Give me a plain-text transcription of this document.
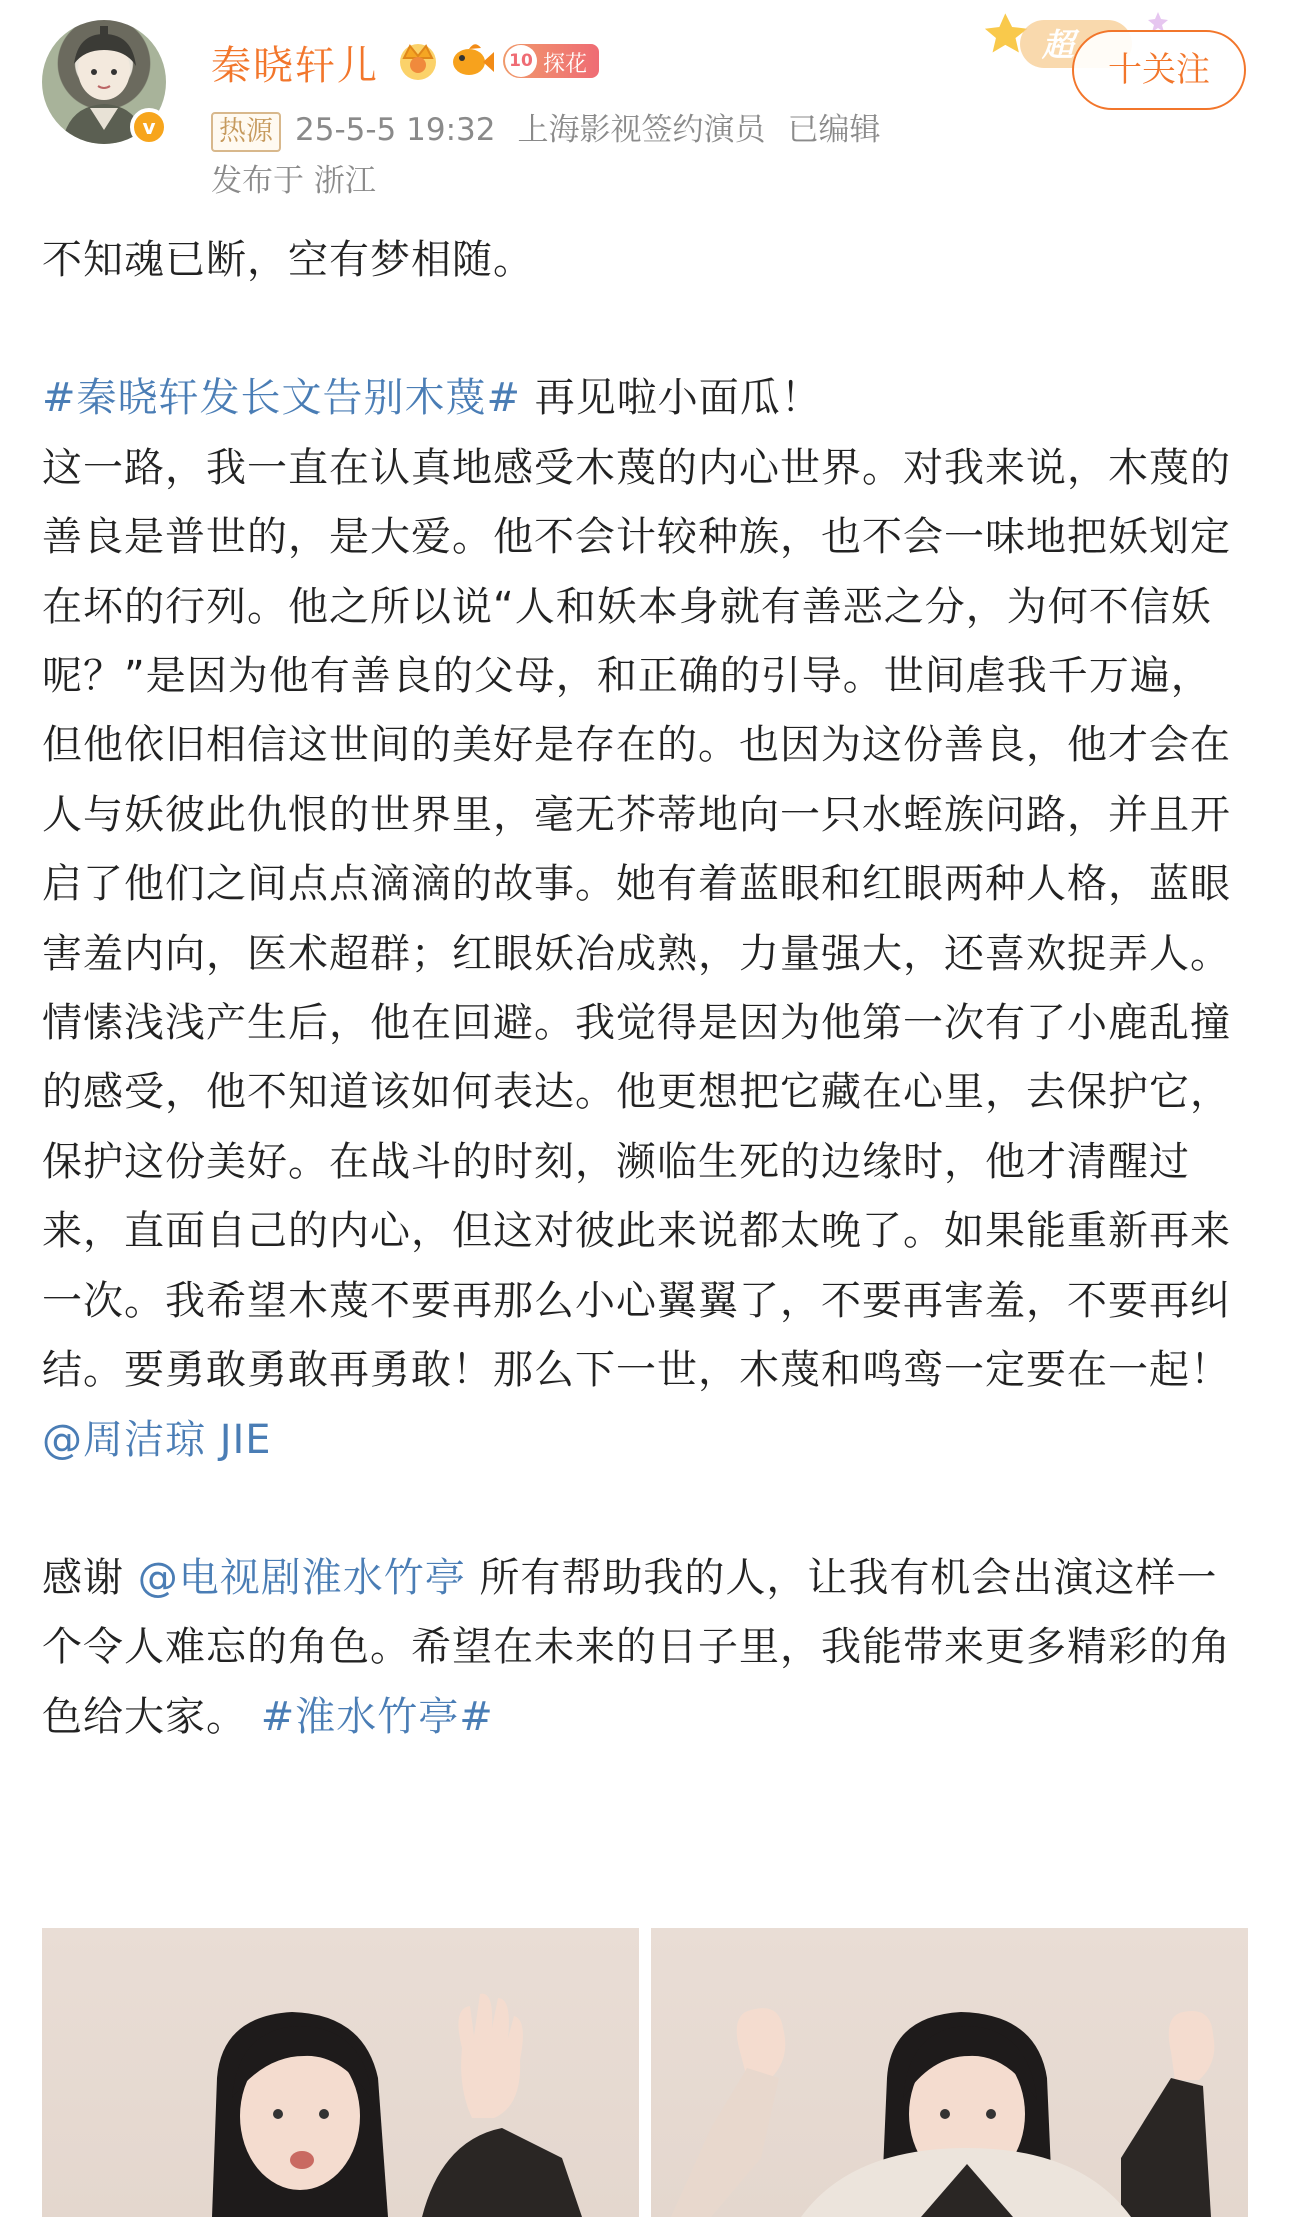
v
秦晓轩儿	10 探花
热源 25-5-5 19:32 上海影视签约演员 已编辑
发布于 浙江
超
十关注

不知魂已断，空有梦相随。

#秦晓轩发长文告别木蔑# 再见啦小面瓜！
这一路，我一直在认真地感受木蔑的内心世界。对我来说，木蔑的善良是普世的，是大爱。他不会计较种族，也不会一味地把妖划定在坏的行列。他之所以说“人和妖本身就有善恶之分，为何不信妖呢？”是因为他有善良的父母，和正确的引导。世间虐我千万遍，但他依旧相信这世间的美好是存在的。也因为这份善良，他才会在人与妖彼此仇恨的世界里，毫无芥蒂地向一只水蛭族问路，并且开启了他们之间点点滴滴的故事。她有着蓝眼和红眼两种人格，蓝眼害羞内向，医术超群；红眼妖冶成熟，力量强大，还喜欢捉弄人。情愫浅浅产生后，他在回避。我觉得是因为他第一次有了小鹿乱撞的感受，他不知道该如何表达。他更想把它藏在心里，去保护它，保护这份美好。在战斗的时刻，濒临生死的边缘时，他才清醒过来，直面自己的内心，但这对彼此来说都太晚了。如果能重新再来一次。我希望木蔑不要再那么小心翼翼了，不要再害羞，不要再纠结。要勇敢勇敢再勇敢！那么下一世，木蔑和鸣鸾一定要在一起！ @周洁琼 JIE

感谢 @电视剧淮水竹亭 所有帮助我的人，让我有机会出演这样一个令人难忘的角色。希望在未来的日子里，我能带来更多精彩的角色给大家。 #淮水竹亭#
